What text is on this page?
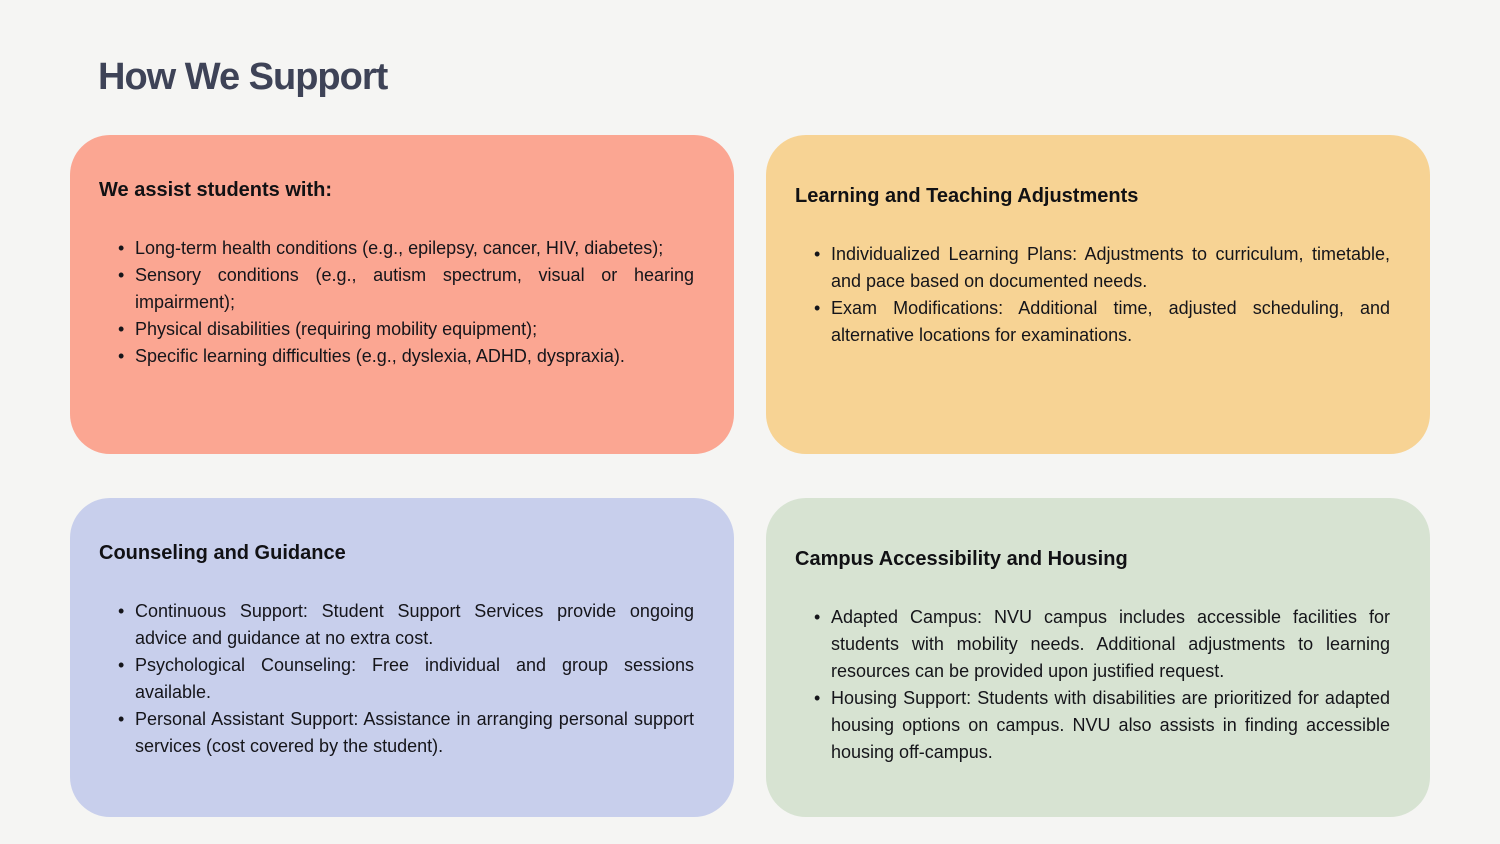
How We Support
We assist students with:
• Long-term health conditions (e.g., epilepsy, cancer, HIV, diabetes);
• Sensory conditions (e.g., autism spectrum, visual or hearing impairment);
• Physical disabilities (requiring mobility equipment);
• Specific learning difficulties (e.g., dyslexia, ADHD, dyspraxia).
Learning and Teaching Adjustments
• Individualized Learning Plans: Adjustments to curriculum, timetable, and pace based on documented needs.
• Exam Modifications: Additional time, adjusted scheduling, and alternative locations for examinations.
Counseling and Guidance
• Continuous Support: Student Support Services provide ongoing advice and guidance at no extra cost.
• Psychological Counseling: Free individual and group sessions available.
• Personal Assistant Support: Assistance in arranging personal support services (cost covered by the student).
Campus Accessibility and Housing
• Adapted Campus: NVU campus includes accessible facilities for students with mobility needs. Additional adjustments to learning resources can be provided upon justified request.
• Housing Support: Students with disabilities are prioritized for adapted housing options on campus. NVU also assists in finding accessible housing off-campus.
